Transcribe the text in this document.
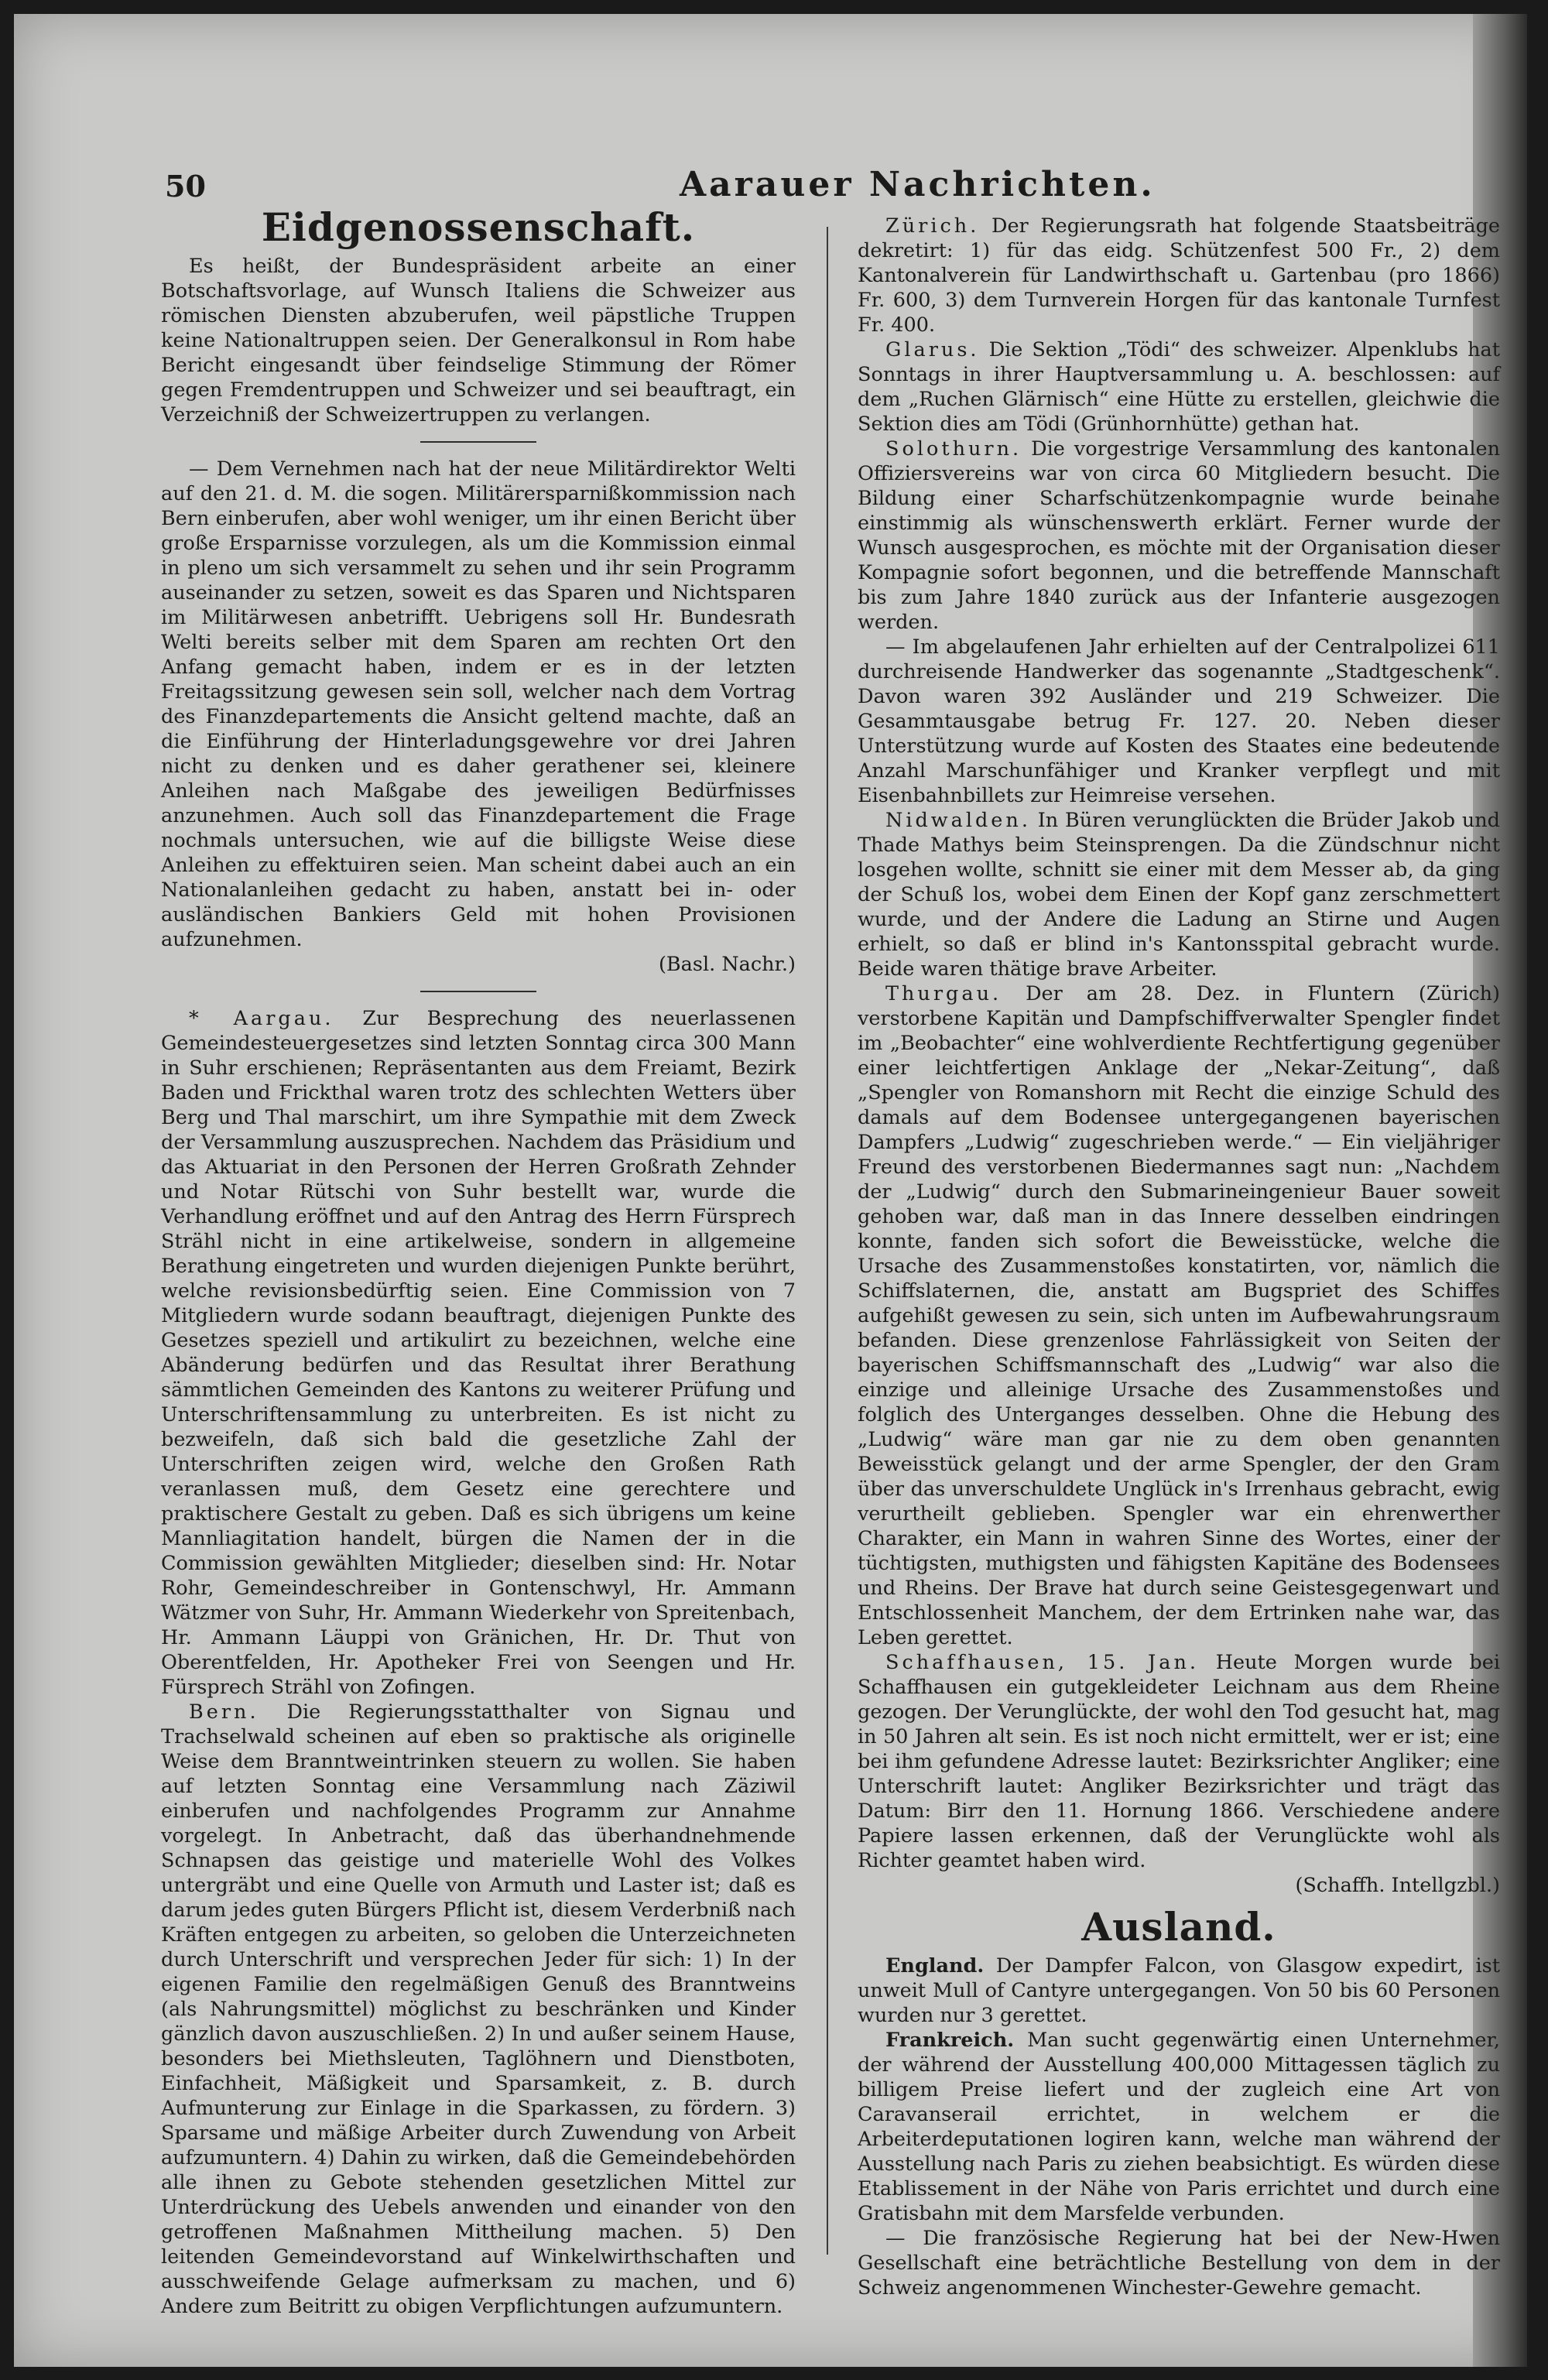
50	Aarauer Nachrichten.
Eidgenossenschaft.

Es heißt, der Bundespräsident arbeite an einer Botschaftsvorlage, auf Wunsch Italiens die Schweizer aus römischen Diensten abzuberufen, weil päpstliche Truppen keine Nationaltruppen seien. Der Generalkonsul in Rom habe Bericht eingesandt über feindselige Stimmung der Römer gegen Fremdentruppen und Schweizer und sei beauftragt, ein Verzeichniß der Schweizertruppen zu verlangen.

— Dem Vernehmen nach hat der neue Militärdirektor Welti auf den 21. d. M. die sogen. Militärersparnißkommission nach Bern einberufen, aber wohl weniger, um ihr einen Bericht über große Ersparnisse vorzulegen, als um die Kommission einmal in pleno um sich versammelt zu sehen und ihr sein Programm auseinander zu setzen, soweit es das Sparen und Nichtsparen im Militärwesen anbetrifft. Uebrigens soll Hr. Bundesrath Welti bereits selber mit dem Sparen am rechten Ort den Anfang gemacht haben, indem er es in der letzten Freitagssitzung gewesen sein soll, welcher nach dem Vortrag des Finanzdepartements die Ansicht geltend machte, daß an die Einführung der Hinterladungsgewehre vor drei Jahren nicht zu denken und es daher gerathener sei, kleinere Anleihen nach Maßgabe des jeweiligen Bedürfnisses anzunehmen. Auch soll das Finanzdepartement die Frage nochmals untersuchen, wie auf die billigste Weise diese Anleihen zu effektuiren seien. Man scheint dabei auch an ein Nationalanleihen gedacht zu haben, anstatt bei in- oder ausländischen Bankiers Geld mit hohen Provisionen aufzunehmen.
(Basl. Nachr.)

* Aargau. Zur Besprechung des neuerlassenen Gemeindesteuergesetzes sind letzten Sonntag circa 300 Mann in Suhr erschienen; Repräsentanten aus dem Freiamt, Bezirk Baden und Frickthal waren trotz des schlechten Wetters über Berg und Thal marschirt, um ihre Sympathie mit dem Zweck der Versammlung auszusprechen. Nachdem das Präsidium und das Aktuariat in den Personen der Herren Großrath Zehnder und Notar Rütschi von Suhr bestellt war, wurde die Verhandlung eröffnet und auf den Antrag des Herrn Fürsprech Strähl nicht in eine artikelweise, sondern in allgemeine Berathung eingetreten und wurden diejenigen Punkte berührt, welche revisionsbedürftig seien. Eine Commission von 7 Mitgliedern wurde sodann beauftragt, diejenigen Punkte des Gesetzes speziell und artikulirt zu bezeichnen, welche eine Abänderung bedürfen und das Resultat ihrer Berathung sämmtlichen Gemeinden des Kantons zu weiterer Prüfung und Unterschriftensammlung zu unterbreiten. Es ist nicht zu bezweifeln, daß sich bald die gesetzliche Zahl der Unterschriften zeigen wird, welche den Großen Rath veranlassen muß, dem Gesetz eine gerechtere und praktischere Gestalt zu geben. Daß es sich übrigens um keine Mannliagitation handelt, bürgen die Namen der in die Commission gewählten Mitglieder; dieselben sind: Hr. Notar Rohr, Gemeindeschreiber in Gontenschwyl, Hr. Ammann Wätzmer von Suhr, Hr. Ammann Wiederkehr von Spreitenbach, Hr. Ammann Läuppi von Gränichen, Hr. Dr. Thut von Oberentfelden, Hr. Apotheker Frei von Seengen und Hr. Fürsprech Strähl von Zofingen.

Bern. Die Regierungsstatthalter von Signau und Trachselwald scheinen auf eben so praktische als originelle Weise dem Branntweintrinken steuern zu wollen. Sie haben auf letzten Sonntag eine Versammlung nach Zäziwil einberufen und nachfolgendes Programm zur Annahme vorgelegt. In Anbetracht, daß das überhandnehmende Schnapsen das geistige und materielle Wohl des Volkes untergräbt und eine Quelle von Armuth und Laster ist; daß es darum jedes guten Bürgers Pflicht ist, diesem Verderbniß nach Kräften entgegen zu arbeiten, so geloben die Unterzeichneten durch Unterschrift und versprechen Jeder für sich: 1) In der eigenen Familie den regelmäßigen Genuß des Branntweins (als Nahrungsmittel) möglichst zu beschränken und Kinder gänzlich davon auszuschließen. 2) In und außer seinem Hause, besonders bei Miethsleuten, Taglöhnern und Dienstboten, Einfachheit, Mäßigkeit und Sparsamkeit, z. B. durch Aufmunterung zur Einlage in die Sparkassen, zu fördern. 3) Sparsame und mäßige Arbeiter durch Zuwendung von Arbeit aufzumuntern. 4) Dahin zu wirken, daß die Gemeindebehörden alle ihnen zu Gebote stehenden gesetzlichen Mittel zur Unterdrückung des Uebels anwenden und einander von den getroffenen Maßnahmen Mittheilung machen. 5) Den leitenden Gemeindevorstand auf Winkelwirthschaften und ausschweifende Gelage aufmerksam zu machen, und 6) Andere zum Beitritt zu obigen Verpflichtungen aufzumuntern.

Zürich. Der Regierungsrath hat folgende Staatsbeiträge dekretirt: 1) für das eidg. Schützenfest 500 Fr., 2) dem Kantonalverein für Landwirthschaft u. Gartenbau (pro 1866) Fr. 600, 3) dem Turnverein Horgen für das kantonale Turnfest Fr. 400.

Glarus. Die Sektion „Tödi“ des schweizer. Alpenklubs hat Sonntags in ihrer Hauptversammlung u. A. beschlossen: auf dem „Ruchen Glärnisch“ eine Hütte zu erstellen, gleichwie die Sektion dies am Tödi (Grünhornhütte) gethan hat.

Solothurn. Die vorgestrige Versammlung des kantonalen Offiziersvereins war von circa 60 Mitgliedern besucht. Die Bildung einer Scharfschützenkompagnie wurde beinahe einstimmig als wünschenswerth erklärt. Ferner wurde der Wunsch ausgesprochen, es möchte mit der Organisation dieser Kompagnie sofort begonnen, und die betreffende Mannschaft bis zum Jahre 1840 zurück aus der Infanterie ausgezogen werden.

— Im abgelaufenen Jahr erhielten auf der Centralpolizei 611 durchreisende Handwerker das sogenannte „Stadtgeschenk“. Davon waren 392 Ausländer und 219 Schweizer. Die Gesammtausgabe betrug Fr. 127. 20. Neben dieser Unterstützung wurde auf Kosten des Staates eine bedeutende Anzahl Marschunfähiger und Kranker verpflegt und mit Eisenbahnbillets zur Heimreise versehen.

Nidwalden. In Büren verunglückten die Brüder Jakob und Thade Mathys beim Steinsprengen. Da die Zündschnur nicht losgehen wollte, schnitt sie einer mit dem Messer ab, da ging der Schuß los, wobei dem Einen der Kopf ganz zerschmettert wurde, und der Andere die Ladung an Stirne und Augen erhielt, so daß er blind in's Kantonsspital gebracht wurde. Beide waren thätige brave Arbeiter.

Thurgau. Der am 28. Dez. in Fluntern (Zürich) verstorbene Kapitän und Dampfschiffverwalter Spengler findet im „Beobachter“ eine wohlverdiente Rechtfertigung gegenüber einer leichtfertigen Anklage der „Nekar-Zeitung“, daß „Spengler von Romanshorn mit Recht die einzige Schuld des damals auf dem Bodensee untergegangenen bayerischen Dampfers „Ludwig“ zugeschrieben werde.“ — Ein vieljähriger Freund des verstorbenen Biedermannes sagt nun: „Nachdem der „Ludwig“ durch den Submarineingenieur Bauer soweit gehoben war, daß man in das Innere desselben eindringen konnte, fanden sich sofort die Beweisstücke, welche die Ursache des Zusammenstoßes konstatirten, vor, nämlich die Schiffslaternen, die, anstatt am Bugspriet des Schiffes aufgehißt gewesen zu sein, sich unten im Aufbewahrungsraum befanden. Diese grenzenlose Fahrlässigkeit von Seiten der bayerischen Schiffsmannschaft des „Ludwig“ war also die einzige und alleinige Ursache des Zusammenstoßes und folglich des Unterganges desselben. Ohne die Hebung des „Ludwig“ wäre man gar nie zu dem oben genannten Beweisstück gelangt und der arme Spengler, der den Gram über das unverschuldete Unglück in's Irrenhaus gebracht, ewig verurtheilt geblieben. Spengler war ein ehrenwerther Charakter, ein Mann in wahren Sinne des Wortes, einer der tüchtigsten, muthigsten und fähigsten Kapitäne des Bodensees und Rheins. Der Brave hat durch seine Geistesgegenwart und Entschlossenheit Manchem, der dem Ertrinken nahe war, das Leben gerettet.

Schaffhausen, 15. Jan. Heute Morgen wurde bei Schaffhausen ein gutgekleideter Leichnam aus dem Rheine gezogen. Der Verunglückte, der wohl den Tod gesucht hat, mag in 50 Jahren alt sein. Es ist noch nicht ermittelt, wer er ist; eine bei ihm gefundene Adresse lautet: Bezirksrichter Angliker; eine Unterschrift lautet: Angliker Bezirksrichter und trägt das Datum: Birr den 11. Hornung 1866. Verschiedene andere Papiere lassen erkennen, daß der Verunglückte wohl als Richter geamtet haben wird.
(Schaffh. Intellgzbl.)

Ausland.

England. Der Dampfer Falcon, von Glasgow expedirt, ist unweit Mull of Cantyre untergegangen. Von 50 bis 60 Personen wurden nur 3 gerettet.

Frankreich. Man sucht gegenwärtig einen Unternehmer, der während der Ausstellung 400,000 Mittagessen täglich zu billigem Preise liefert und der zugleich eine Art von Caravanserail errichtet, in welchem er die Arbeiterdeputationen logiren kann, welche man während der Ausstellung nach Paris zu ziehen beabsichtigt. Es würden diese Etablissement in der Nähe von Paris errichtet und durch eine Gratisbahn mit dem Marsfelde verbunden.

— Die französische Regierung hat bei der New-Hwen Gesellschaft eine beträchtliche Bestellung von dem in der Schweiz angenommenen Winchester-Gewehre gemacht.
